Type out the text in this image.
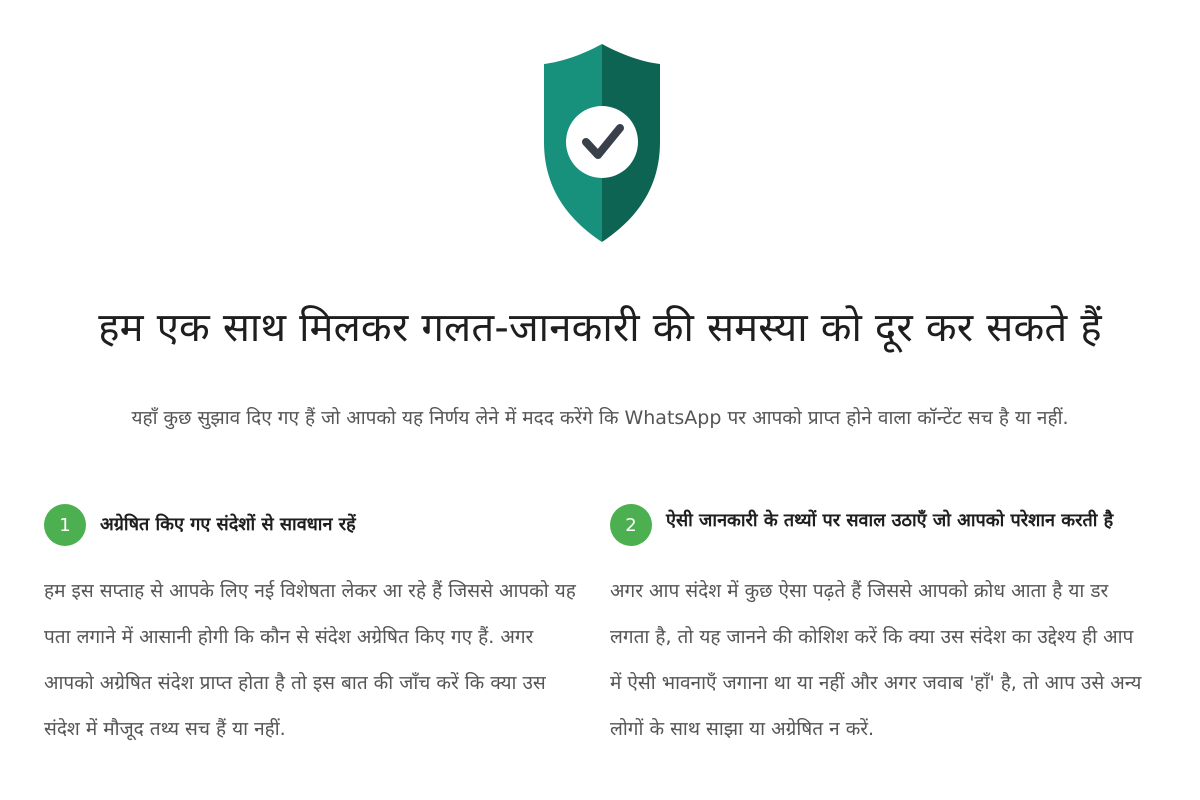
हम एक साथ मिलकर गलत-जानकारी की समस्या को दूर कर सकते हैं

यहाँ कुछ सुझाव दिए गए हैं जो आपको यह निर्णय लेने में मदद करेंगे कि WhatsApp पर आपको प्राप्त होने वाला कॉन्टेंट सच है या नहीं.

1	अग्रेषित किए गए संदेशों से सावधान रहें

हम इस सप्ताह से आपके लिए नई विशेषता लेकर आ रहे हैं जिससे आपको यह पता लगाने में आसानी होगी कि कौन से संदेश अग्रेषित किए गए हैं. अगर आपको अग्रेषित संदेश प्राप्त होता है तो इस बात की जाँच करें कि क्या उस संदेश में मौजूद तथ्य सच हैं या नहीं.

2	ऐसी जानकारी के तथ्यों पर सवाल उठाएँ जो आपको परेशान करती है

अगर आप संदेश में कुछ ऐसा पढ़ते हैं जिससे आपको क्रोध आता है या डर लगता है, तो यह जानने की कोशिश करें कि क्या उस संदेश का उद्देश्य ही आप में ऐसी भावनाएँ जगाना था या नहीं और अगर जवाब 'हाँ' है, तो आप उसे अन्य लोगों के साथ साझा या अग्रेषित न करें.
